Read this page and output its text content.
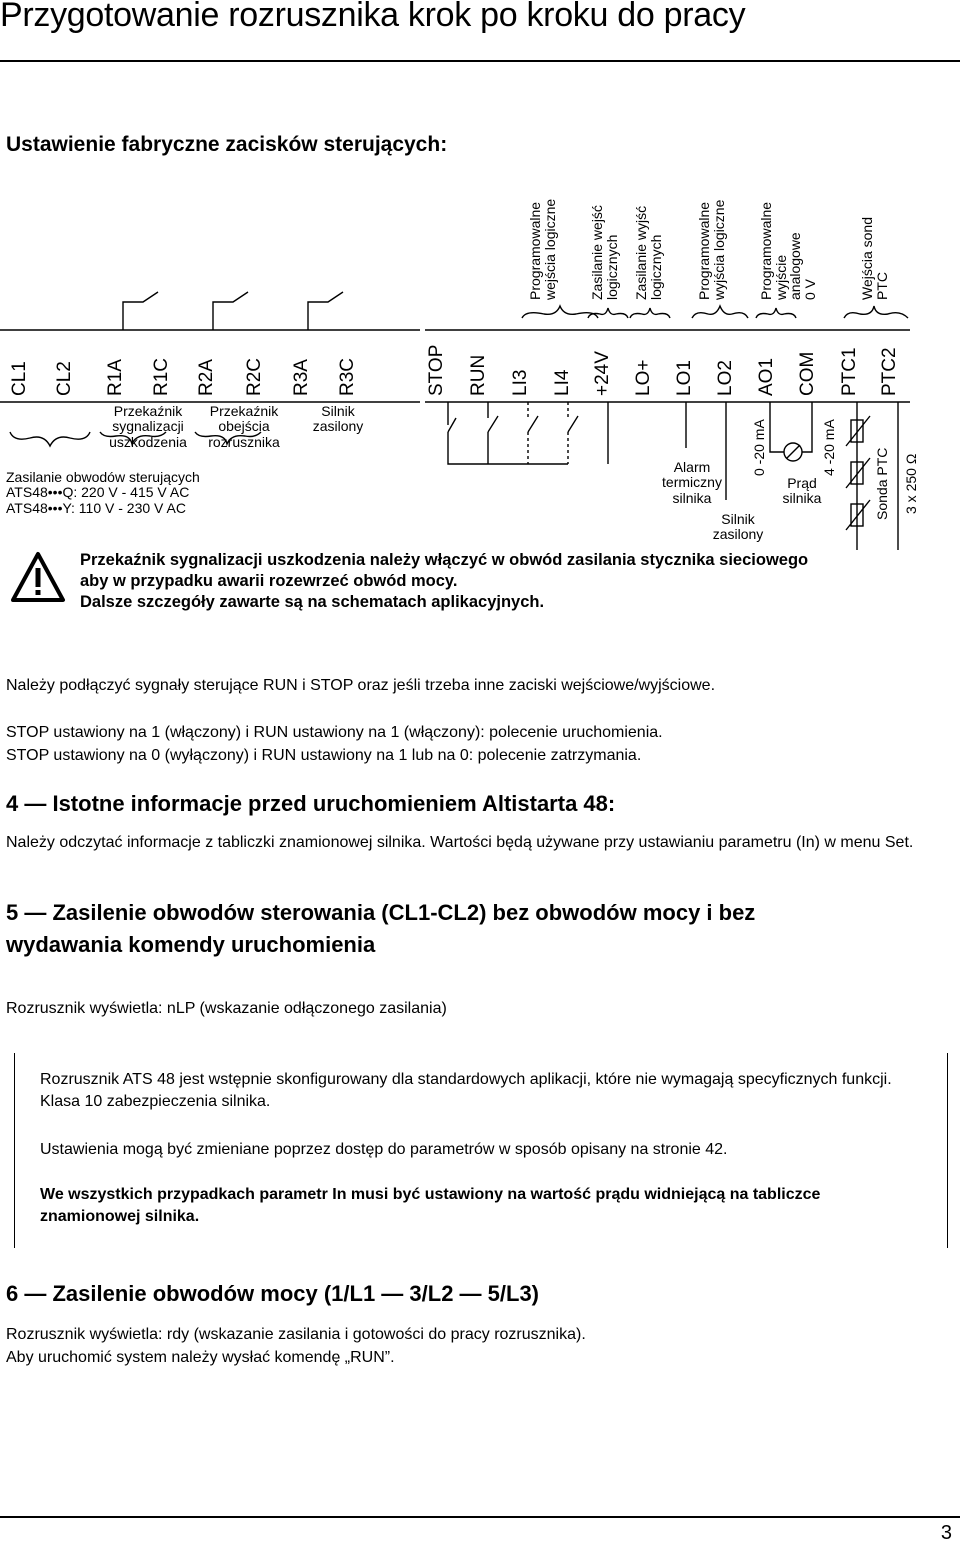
Przygotowanie rozrusznika krok po kroku do pracy
Ustawienie fabryczne zacisków sterujących:
Programowalne
wejścia logiczne Zasilanie wejść
logicznych Zasilanie wyjść
logicznych Programowalne
wyjścia logiczne Programowalne
wyjście
analogowe
0 V	Wejścia sond
PTC
CL1 CL2 R1A R1C R2A R2C R3A R3C	STOP RUN LI3 LI4 +24V LO+ LO1 LO2 AO1 COM PTC1 PTC2
Przekaźnik
sygnalizacji
uszkodzenia
Przekaźnik
obejścia
rozrusznika
Silnik
zasilony
Zasilanie obwodów sterujących
ATS48•••Q: 220 V - 415 V AC
ATS48•••Y: 110 V - 230 V AC
Alarm
termiczny
silnika
Silnik
zasilony
Prąd
silnika
0 -20 mA	4 -20 mA
Sonda PTC 3 x 250 Ω
Przekaźnik sygnalizacji uszkodzenia należy włączyć w obwód zasilania stycznika sieciowego
aby w przypadku awarii rozewrzeć obwód mocy.
Dalsze szczegóły zawarte są na schematach aplikacyjnych.
Należy podłączyć sygnały sterujące RUN i STOP oraz jeśli trzeba inne zaciski wejściowe/wyjściowe.
STOP ustawiony na 1 (włączony) i RUN ustawiony na 1 (włączony): polecenie uruchomienia.
STOP ustawiony na 0 (wyłączony) i RUN ustawiony na 1 lub na 0: polecenie zatrzymania.
4 — Istotne informacje przed uruchomieniem Altistarta 48:
Należy odczytać informacje z tabliczki znamionowej silnika. Wartości będą używane przy ustawianiu parametru (In) w menu Set.
5 — Zasilenie obwodów sterowania (CL1-CL2) bez obwodów mocy i bez
wydawania komendy uruchomienia
Rozrusznik wyświetla: nLP (wskazanie odłączonego zasilania)
Rozrusznik ATS 48 jest wstępnie skonfigurowany dla standardowych aplikacji, które nie wymagają specyficznych funkcji. Klasa 10 zabezpieczenia silnika.
Ustawienia mogą być zmieniane poprzez dostęp do parametrów w sposób opisany na stronie 42.
We wszystkich przypadkach parametr In musi być ustawiony na wartość prądu widniejącą na tabliczce znamionowej silnika.
6 — Zasilenie obwodów mocy (1/L1 — 3/L2 — 5/L3)
Rozrusznik wyświetla: rdy (wskazanie zasilania i gotowości do pracy rozrusznika).
Aby uruchomić system należy wysłać komendę „RUN”.
3
